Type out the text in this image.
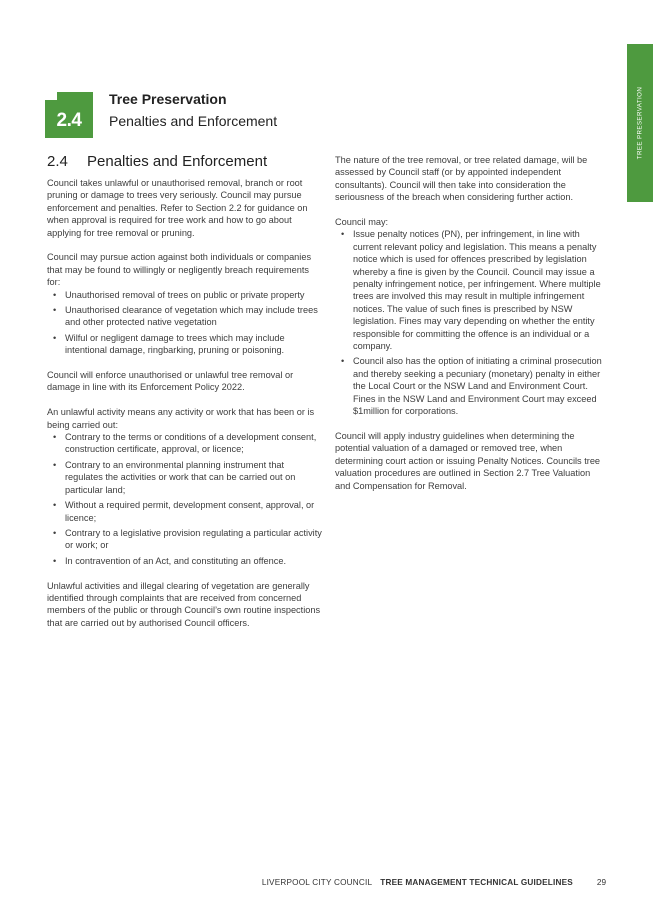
TREE PRESERVATION
2.4
Tree Preservation
Penalties and Enforcement
2.4 Penalties and Enforcement

Council takes unlawful or unauthorised removal, branch or root pruning or damage to trees very seriously. Council may pursue enforcement and penalties. Refer to Section 2.2 for guidance on when approval is required for tree work and how to go about applying for tree removal or pruning.

Council may pursue action against both individuals or companies that may be found to willingly or negligently breach requirements for:

• Unauthorised removal of trees on public or private property
• Unauthorised clearance of vegetation which may include trees and other protected native vegetation
• Wilful or negligent damage to trees which may include intentional damage, ringbarking, pruning or poisoning.

Council will enforce unauthorised or unlawful tree removal or damage in line with its Enforcement Policy 2022.

An unlawful activity means any activity or work that has been or is being carried out:

• Contrary to the terms or conditions of a development consent, construction certificate, approval, or licence;
• Contrary to an environmental planning instrument that regulates the activities or work that can be carried out on particular land;
• Without a required permit, development consent, approval, or licence;
• Contrary to a legislative provision regulating a particular activity or work; or
• In contravention of an Act, and constituting an offence.

Unlawful activities and illegal clearing of vegetation are generally identified through complaints that are received from concerned members of the public or through Council’s own routine inspections that are carried out by authorised Council officers.

The nature of the tree removal, or tree related damage, will be assessed by Council staff (or by appointed independent consultants). Council will then take into consideration the seriousness of the breach when considering further action.

Council may:

• Issue penalty notices (PN), per infringement, in line with current relevant policy and legislation. This means a penalty notice which is used for offences prescribed by legislation whereby a fine is given by the Council. Council may issue a penalty infringement notice, per infringement. Where multiple trees are involved this may result in multiple infringement notices. The value of such fines is prescribed by NSW legislation. Fines may vary depending on whether the entity responsible for committing the offence is an individual or a company.
• Council also has the option of initiating a criminal prosecution and thereby seeking a pecuniary (monetary) penalty in either the Local Court or the NSW Land and Environment Court. Fines in the NSW Land and Environment Court may exceed $1million for corporations.

Council will apply industry guidelines when determining the potential valuation of a damaged or removed tree, when determining court action or issuing Penalty Notices. Councils tree valuation procedures are outlined in Section 2.7 Tree Valuation and Compensation for Removal.

LIVERPOOL CITY COUNCIL TREE MANAGEMENT TECHNICAL GUIDELINES	29
